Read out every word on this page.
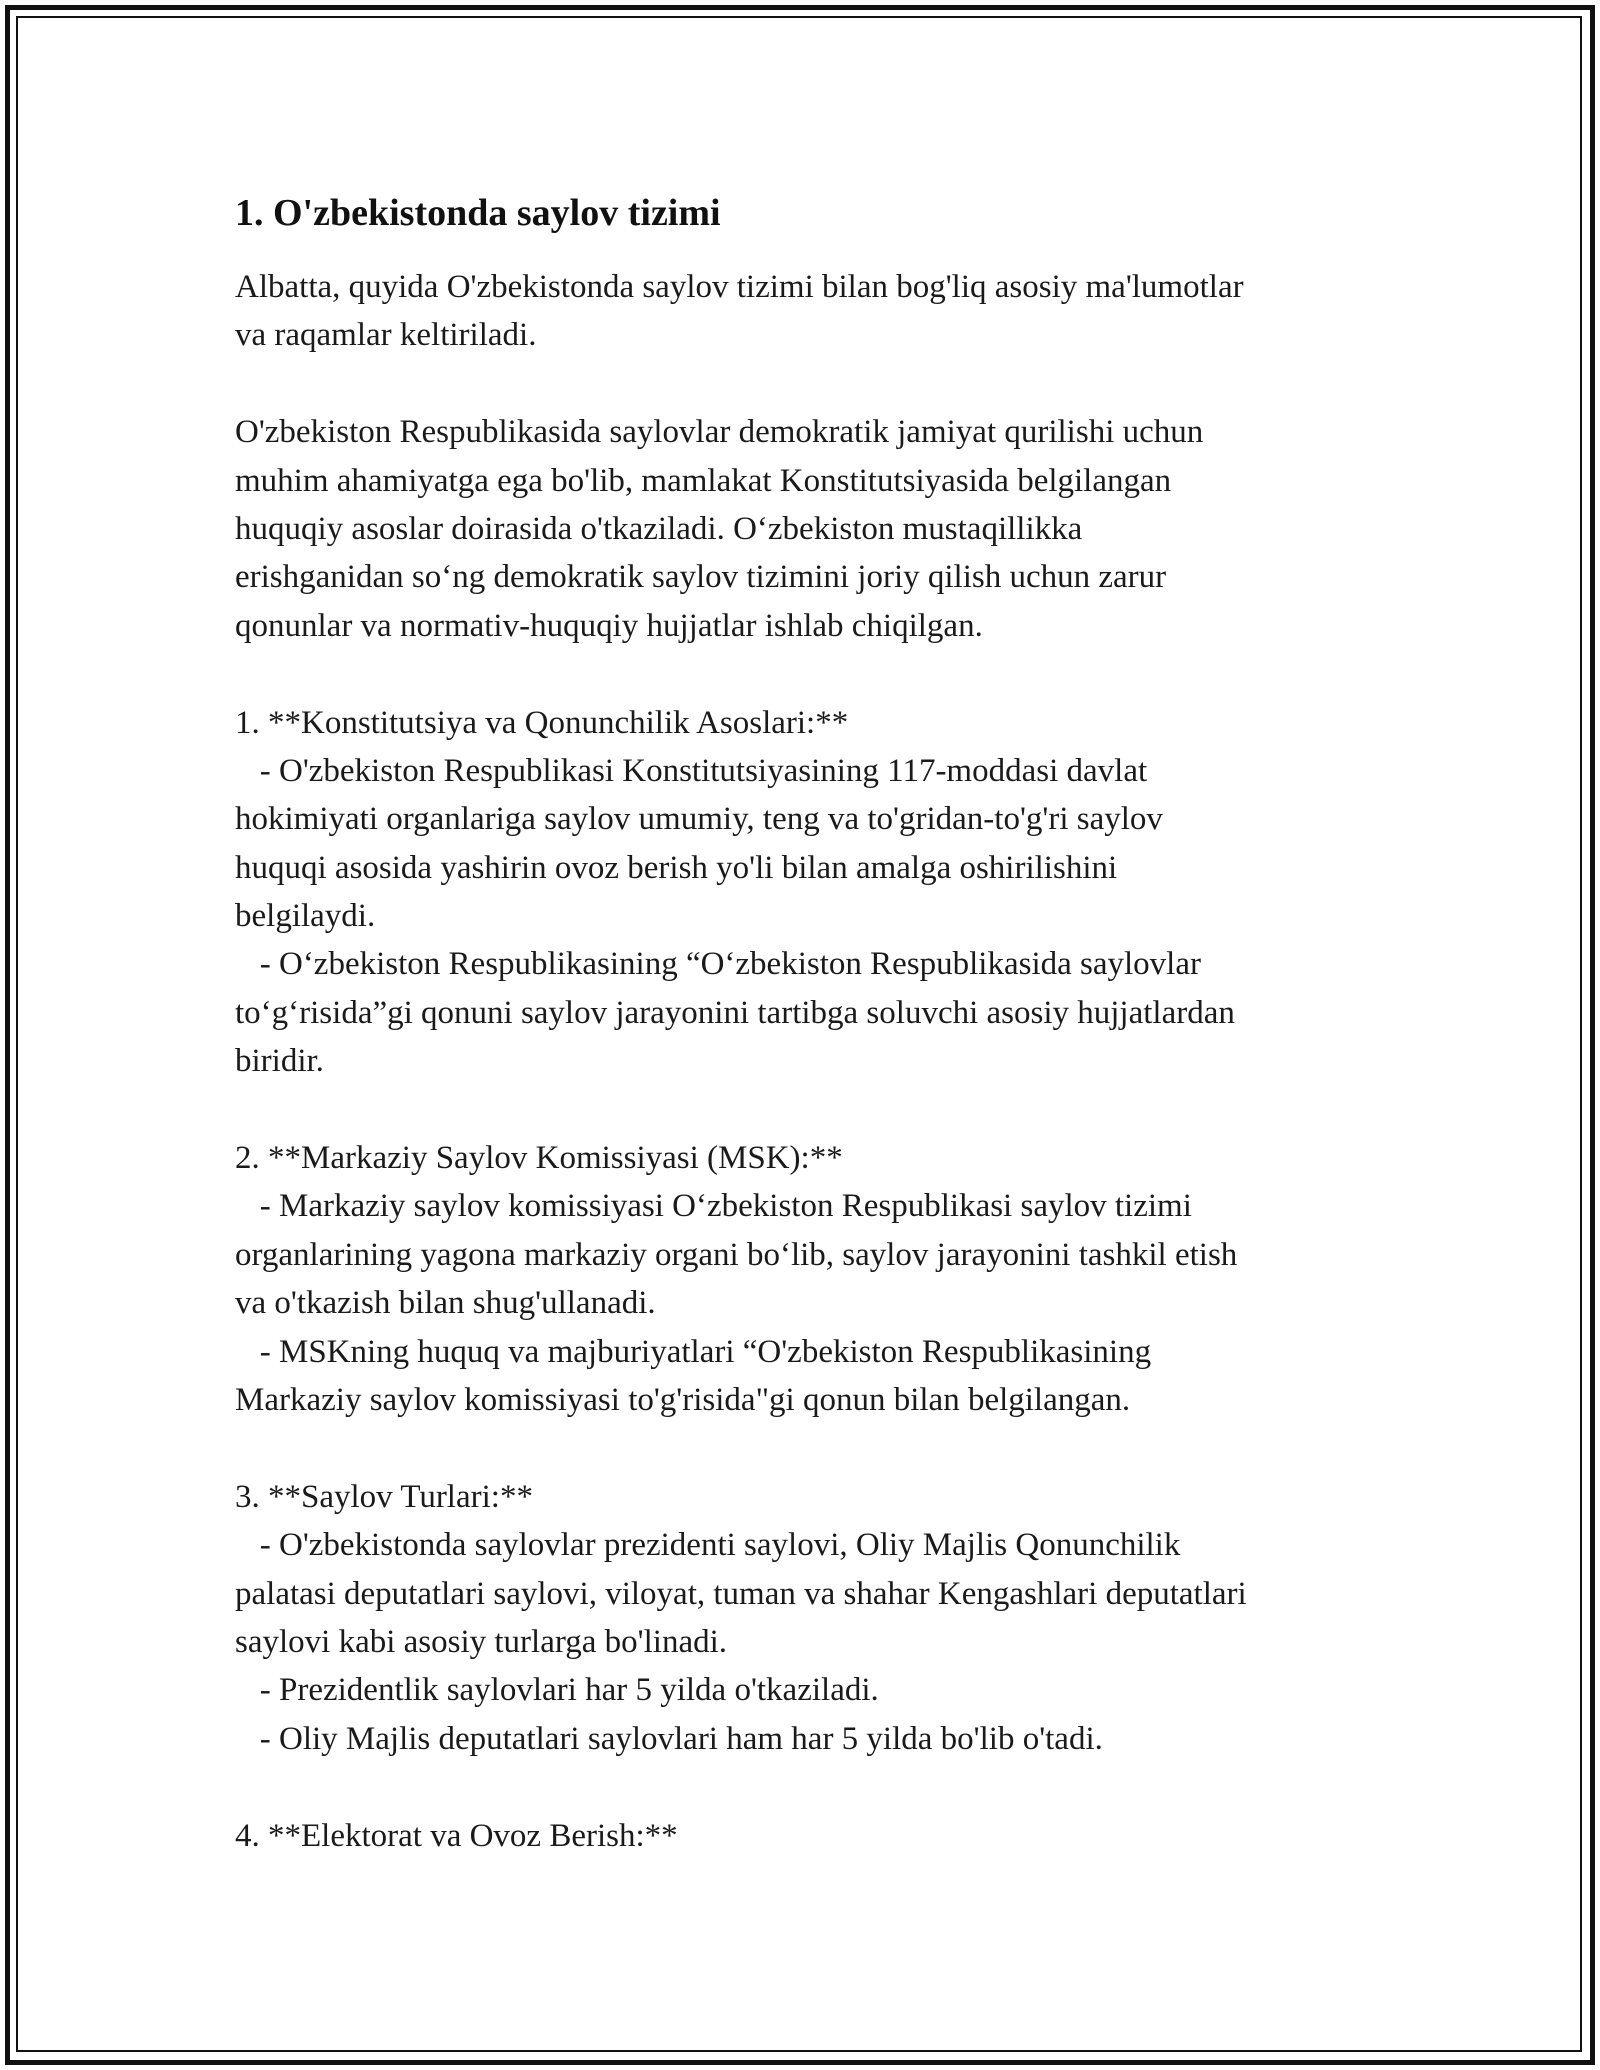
1. O'zbekistonda saylov tizimi
Albatta, quyida O'zbekistonda saylov tizimi bilan bog'liq asosiy ma'lumotlar
va raqamlar keltiriladi.
O'zbekiston Respublikasida saylovlar demokratik jamiyat qurilishi uchun
muhim ahamiyatga ega bo'lib, mamlakat Konstitutsiyasida belgilangan
huquqiy asoslar doirasida o'tkaziladi. O‘zbekiston mustaqillikka
erishganidan so‘ng demokratik saylov tizimini joriy qilish uchun zarur
qonunlar va normativ-huquqiy hujjatlar ishlab chiqilgan.
1. **Konstitutsiya va Qonunchilik Asoslari:**
- O'zbekiston Respublikasi Konstitutsiyasining 117-moddasi davlat
hokimiyati organlariga saylov umumiy, teng va to'gridan-to'g'ri saylov
huquqi asosida yashirin ovoz berish yo'li bilan amalga oshirilishini
belgilaydi.
- O‘zbekiston Respublikasining “O‘zbekiston Respublikasida saylovlar
to‘g‘risida”gi qonuni saylov jarayonini tartibga soluvchi asosiy hujjatlardan
biridir.
2. **Markaziy Saylov Komissiyasi (MSK):**
- Markaziy saylov komissiyasi O‘zbekiston Respublikasi saylov tizimi
organlarining yagona markaziy organi bo‘lib, saylov jarayonini tashkil etish
va o'tkazish bilan shug'ullanadi.
- MSKning huquq va majburiyatlari “O'zbekiston Respublikasining
Markaziy saylov komissiyasi to'g'risida"gi qonun bilan belgilangan.
3. **Saylov Turlari:**
- O'zbekistonda saylovlar prezidenti saylovi, Oliy Majlis Qonunchilik
palatasi deputatlari saylovi, viloyat, tuman va shahar Kengashlari deputatlari
saylovi kabi asosiy turlarga bo'linadi.
- Prezidentlik saylovlari har 5 yilda o'tkaziladi.
- Oliy Majlis deputatlari saylovlari ham har 5 yilda bo'lib o'tadi.
4. **Elektorat va Ovoz Berish:**
